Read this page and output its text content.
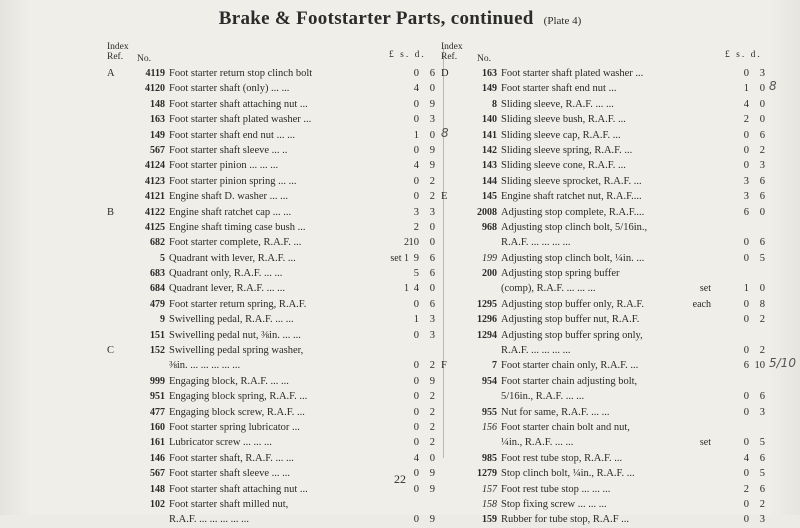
Brake & Footstarter Parts, continued (Plate 4)
Index
Ref.	No.	£ s. d.
A	4119 Foot starter return stop clinch bolt	0	6
4120 Foot starter shaft (only) ... ...	4	0
148 Foot starter shaft attaching nut ...	0	9
163 Foot starter shaft plated washer ...	0	3
149 Foot starter shaft end nut ... ...	1	0 8
567 Foot starter shaft sleeve ... ..	0	9
4124 Foot starter pinion ... ... ...	4	9
4123 Foot starter pinion spring ... ...	0	2
4121 Engine shaft D. washer ... ...	0	2
B	4122 Engine shaft ratchet cap ... ...	3	3
4125 Engine shaft timing case bush ...	2	0
682 Foot starter complete, R.A.F. ...	2 10	0
5 Quadrant with lever, R.A.F. ...	set 1 9	6
683 Quadrant only, R.A.F. ... ...	5	6
684 Quadrant lever, R.A.F. ... ...	1 4	0
479 Foot starter return spring, R.A.F.	0	6
9 Swivelling pedal, R.A.F. ... ...	1	3
151 Swivelling pedal nut, ⅜in. ... ...	0	3
C	152 Swivelling pedal spring washer,
⅜in. ... ... ... ... ...	0	2
999 Engaging block, R.A.F. ... ...	0	9
951 Engaging block spring, R.A.F. ...	0	2
477 Engaging block screw, R.A.F. ...	0	2
160 Foot starter spring lubricator ...	0	2
161 Lubricator screw ... ... ...	0	2
146 Foot starter shaft, R.A.F. ... ...	4	0
567 Foot starter shaft sleeve ... ...	0	9
148 Foot starter shaft attaching nut ...	0	9
102 Foot starter shaft milled nut,
R.A.F. ... ... ... ... ...	0	9
Index
Ref.	No.	£ s. d.
D	163 Foot starter shaft plated washer ...	0	3
149 Foot starter shaft end nut ...	1	0 8
8 Sliding sleeve, R.A.F. ... ...	4	0
140 Sliding sleeve bush, R.A.F. ...	2	0
141 Sliding sleeve cap, R.A.F. ...	0	6
142 Sliding sleeve spring, R.A.F. ...	0	2
143 Sliding sleeve cone, R.A.F. ...	0	3
144 Sliding sleeve sprocket, R.A.F. ...	3	6
E	145 Engine shaft ratchet nut, R.A.F....	3	6
2008 Adjusting stop complete, R.A.F....	6	0
968 Adjusting stop clinch bolt, 5/16in.,
R.A.F. ... ... ... ...	0	6
199 Adjusting stop clinch bolt, ¼in. ...	0	5
200 Adjusting stop spring buffer
(comp), R.A.F. ... ... ...	set	1	0
1295 Adjusting stop buffer only, R.A.F.	each	0	8
1296 Adjusting stop buffer nut, R.A.F.	0	2
1294 Adjusting stop buffer spring only,
R.A.F. ... ... ... ...	0	2
F	7 Foot starter chain only, R.A.F. ...	6 10 5/10
954 Foot starter chain adjusting bolt,
5/16in., R.A.F. ... ...	0	6
955 Nut for same, R.A.F. ... ...	0	3
156 Foot starter chain bolt and nut,
¼in., R.A.F. ... ...	set	0	5
985 Foot rest tube stop, R.A.F. ...	4	6
1279 Stop clinch bolt, ¼in., R.A.F. ...	0	5
157 Foot rest tube stop ... ... ...	2	6
158 Stop fixing screw ... ... ...	0	2
159 Rubber for tube stop, R.A.F ...	0	3
22
